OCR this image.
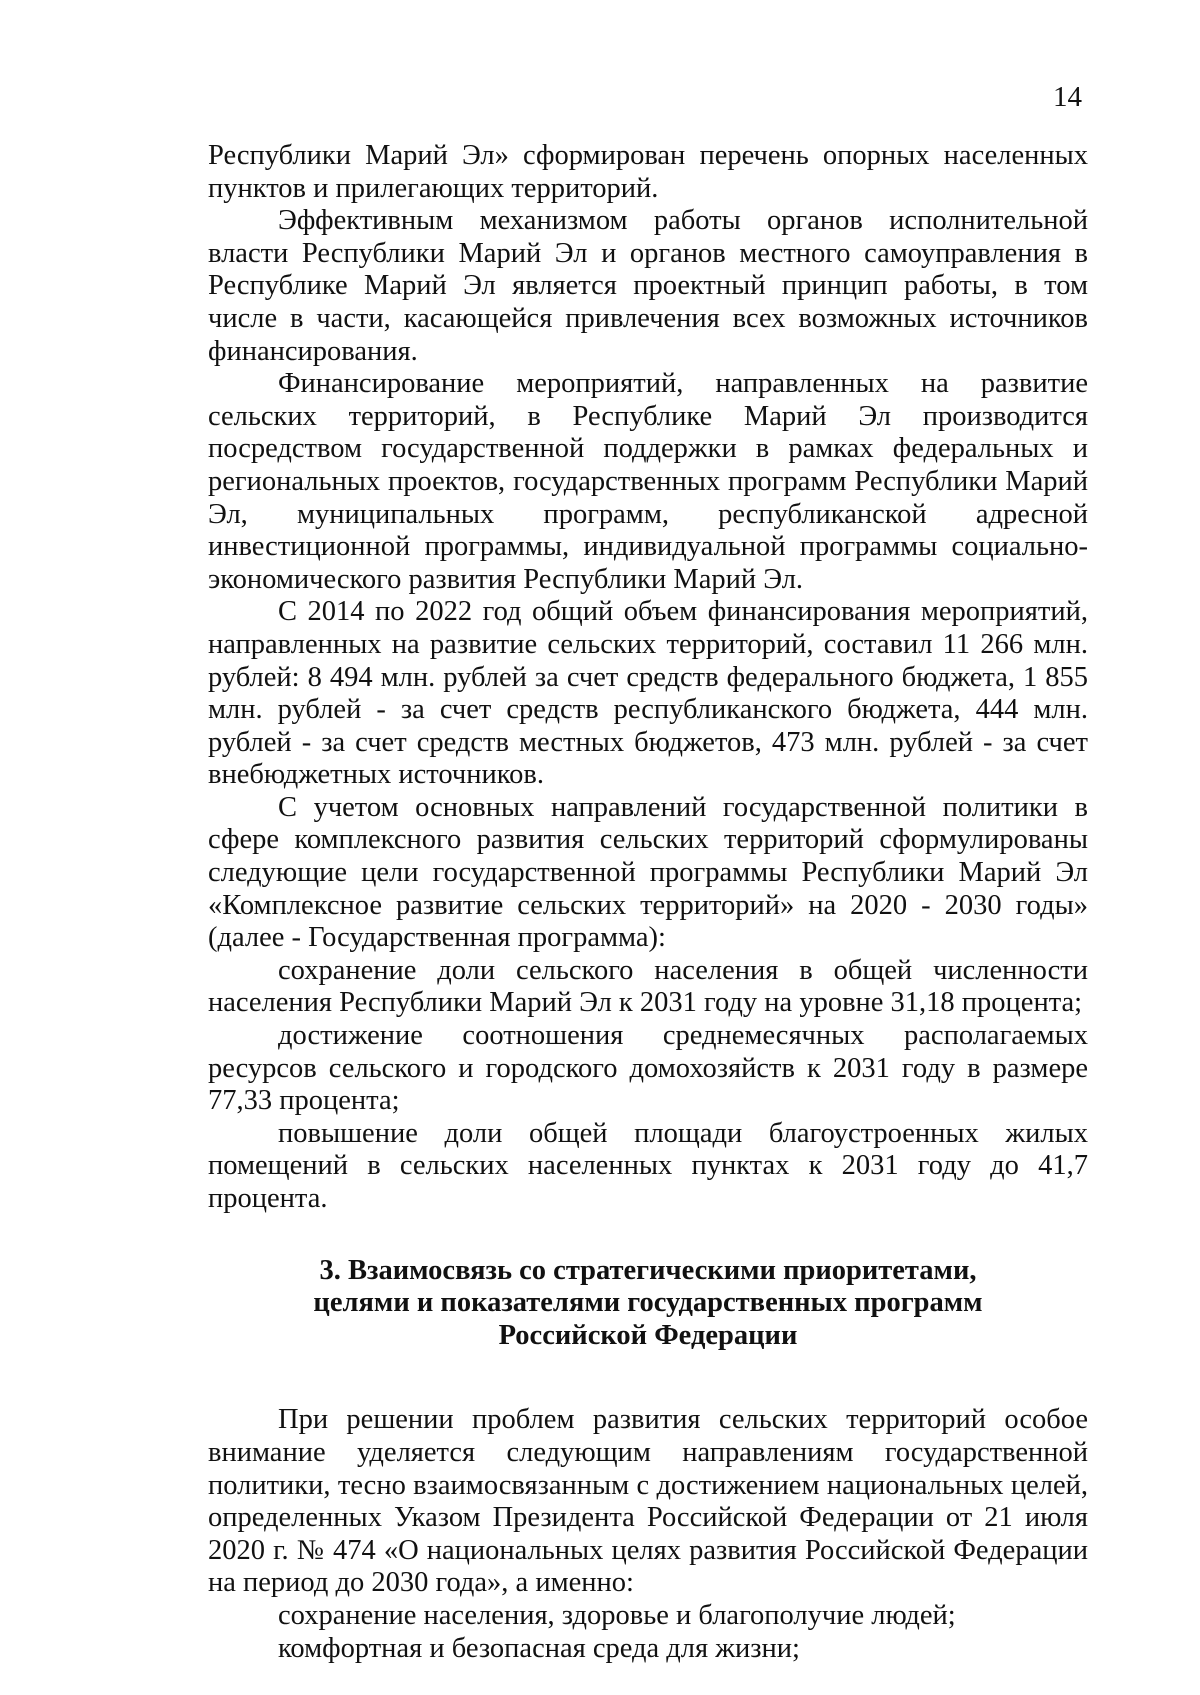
14

Республики Марий Эл» сформирован перечень опорных населенных пунктов и прилегающих территорий.

Эффективным механизмом работы органов исполнительной власти Республики Марий Эл и органов местного самоуправления в Республике Марий Эл является проектный принцип работы, в том числе в части, касающейся привлечения всех возможных источников финансирования.

Финансирование мероприятий, направленных на развитие сельских территорий, в Республике Марий Эл производится посредством государственной поддержки в рамках федеральных и региональных проектов, государственных программ Республики Марий Эл, муниципальных программ, республиканской адресной инвестиционной программы, индивидуальной программы социально-экономического развития Республики Марий Эл.

С 2014 по 2022 год общий объем финансирования мероприятий, направленных на развитие сельских территорий, составил 11 266 млн. рублей: 8 494 млн. рублей за счет средств федерального бюджета, 1 855 млн. рублей - за счет средств республиканского бюджета, 444 млн. рублей - за счет средств местных бюджетов, 473 млн. рублей - за счет внебюджетных источников.

С учетом основных направлений государственной политики в сфере комплексного развития сельских территорий сформулированы следующие цели государственной программы Республики Марий Эл «Комплексное развитие сельских территорий» на 2020 - 2030 годы» (далее - Государственная программа):

сохранение доли сельского населения в общей численности населения Республики Марий Эл к 2031 году на уровне 31,18 процента;

достижение соотношения среднемесячных располагаемых ресурсов сельского и городского домохозяйств к 2031 году в размере 77,33 процента;

повышение доли общей площади благоустроенных жилых помещений в сельских населенных пунктах к 2031 году до 41,7 процента.

3. Взаимосвязь со стратегическими приоритетами,
целями и показателями государственных программ
Российской Федерации

При решении проблем развития сельских территорий особое внимание уделяется следующим направлениям государственной политики, тесно взаимосвязанным с достижением национальных целей, определенных Указом Президента Российской Федерации от 21 июля 2020 г. № 474 «О национальных целях развития Российской Федерации на период до 2030 года», а именно:

сохранение населения, здоровье и благополучие людей;

комфортная и безопасная среда для жизни;
